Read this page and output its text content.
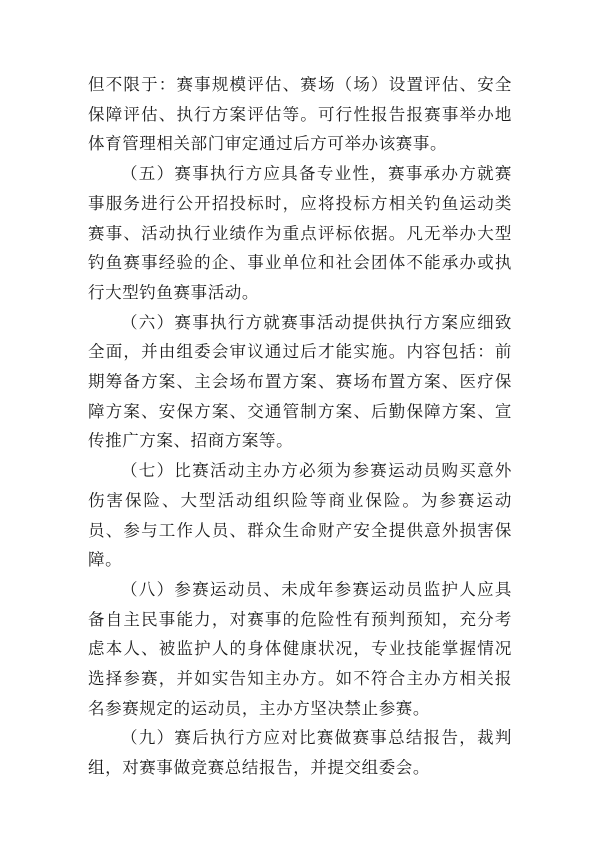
但不限于：赛事规模评估、赛场（场）设置评估、安全保障评估、执行方案评估等。可行性报告报赛事举办地体育管理相关部门审定通过后方可举办该赛事。

（五）赛事执行方应具备专业性，赛事承办方就赛事服务进行公开招投标时，应将投标方相关钓鱼运动类赛事、活动执行业绩作为重点评标依据。凡无举办大型钓鱼赛事经验的企、事业单位和社会团体不能承办或执行大型钓鱼赛事活动。

（六）赛事执行方就赛事活动提供执行方案应细致全面，并由组委会审议通过后才能实施。内容包括：前期筹备方案、主会场布置方案、赛场布置方案、医疗保障方案、安保方案、交通管制方案、后勤保障方案、宣传推广方案、招商方案等。

（七）比赛活动主办方必须为参赛运动员购买意外伤害保险、大型活动组织险等商业保险。为参赛运动员、参与工作人员、群众生命财产安全提供意外损害保障。

（八）参赛运动员、未成年参赛运动员监护人应具备自主民事能力，对赛事的危险性有预判预知，充分考虑本人、被监护人的身体健康状况，专业技能掌握情况选择参赛，并如实告知主办方。如不符合主办方相关报名参赛规定的运动员，主办方坚决禁止参赛。

（九）赛后执行方应对比赛做赛事总结报告，裁判组，对赛事做竞赛总结报告，并提交组委会。
